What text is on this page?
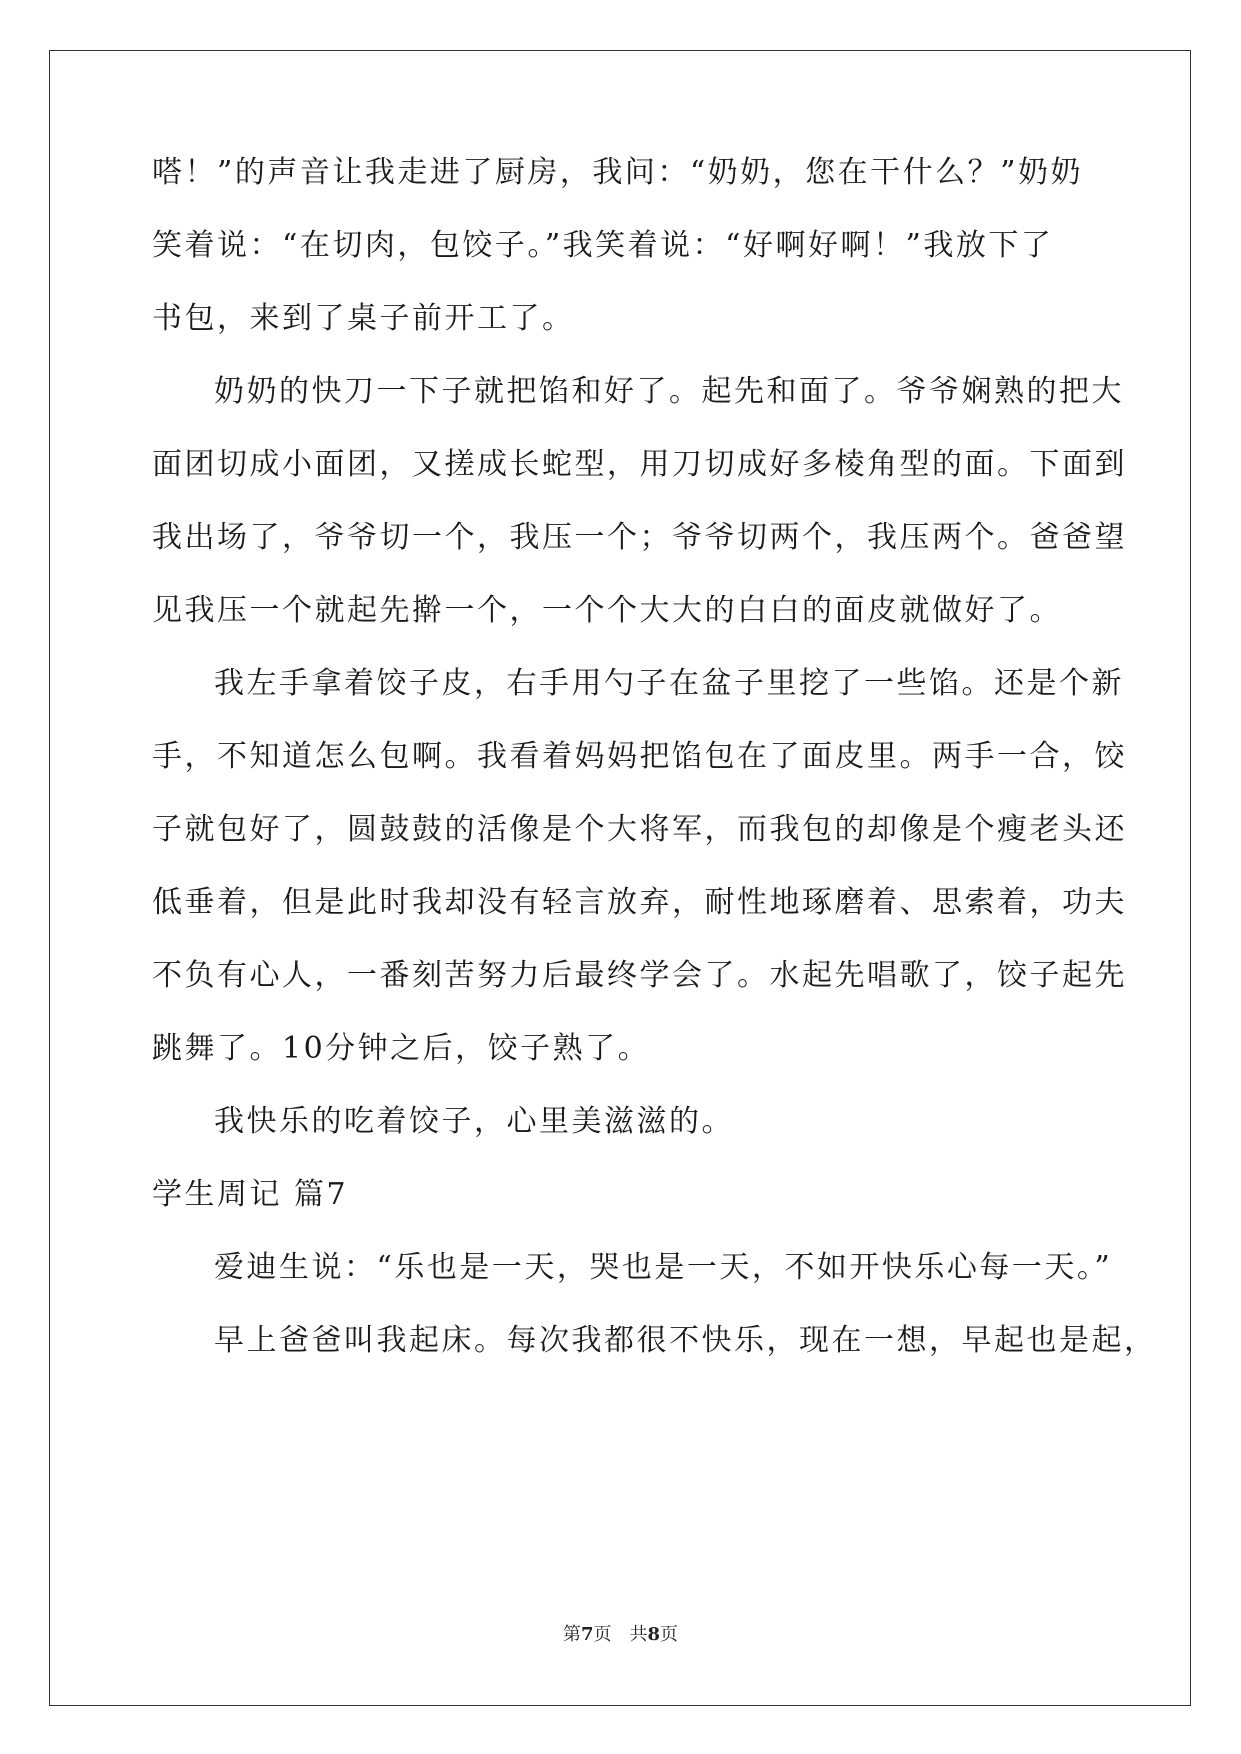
嗒！”的声音让我走进了厨房，我问：“奶奶，您在干什么？”奶奶
笑着说：“在切肉，包饺子。”我笑着说：“好啊好啊！”我放下了
书包，来到了桌子前开工了。
奶奶的快刀一下子就把馅和好了。起先和面了。爷爷娴熟的把大
面团切成小面团，又搓成长蛇型，用刀切成好多棱角型的面。下面到
我出场了，爷爷切一个，我压一个；爷爷切两个，我压两个。爸爸望
见我压一个就起先擀一个，一个个大大的白白的面皮就做好了。
我左手拿着饺子皮，右手用勺子在盆子里挖了一些馅。还是个新
手，不知道怎么包啊。我看着妈妈把馅包在了面皮里。两手一合，饺
子就包好了，圆鼓鼓的活像是个大将军，而我包的却像是个瘦老头还
低垂着，但是此时我却没有轻言放弃，耐性地琢磨着、思索着，功夫
不负有心人，一番刻苦努力后最终学会了。水起先唱歌了，饺子起先
跳舞了。10分钟之后，饺子熟了。
我快乐的吃着饺子，心里美滋滋的。
学生周记 篇7
爱迪生说：“乐也是一天，哭也是一天，不如开快乐心每一天。”
早上爸爸叫我起床。每次我都很不快乐，现在一想，早起也是起，
第7页 共8页
